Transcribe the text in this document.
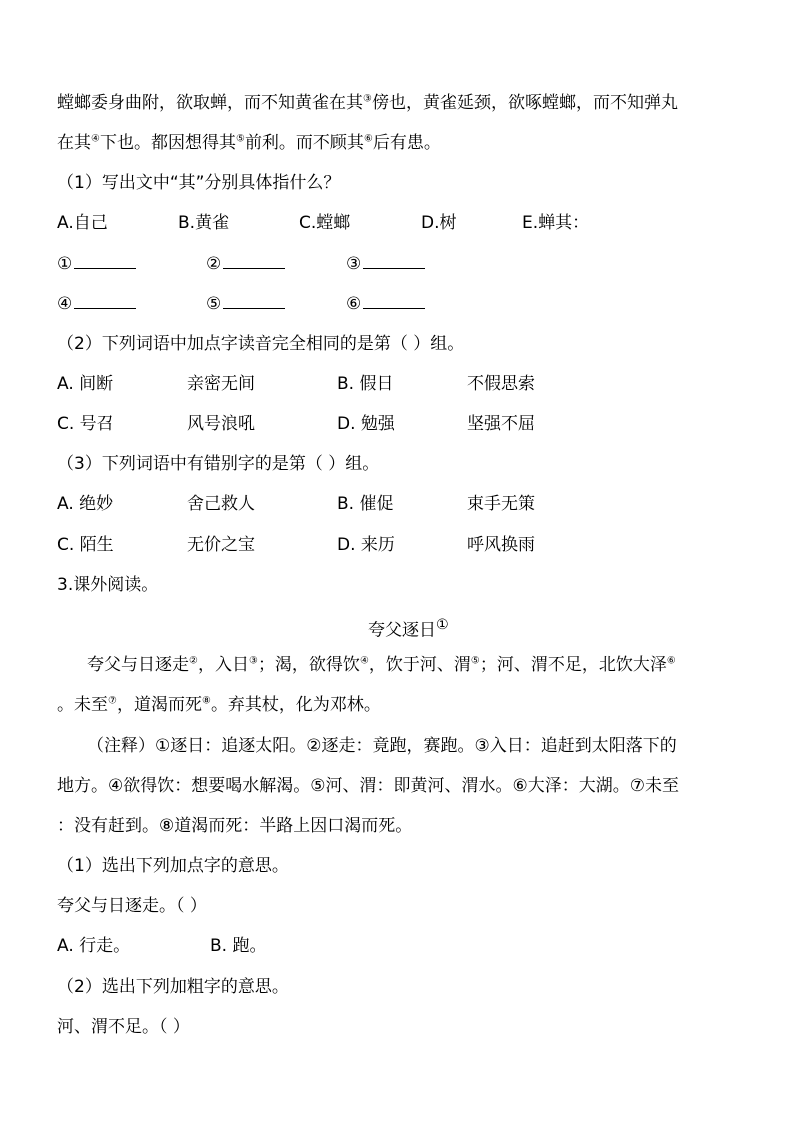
螳螂委身曲附，欲取蝉，而不知黄雀在其③傍也，黄雀延颈，欲啄螳螂，而不知弹丸
在其④下也。都因想得其⑤前利。而不顾其⑥后有患。
（1）写出文中“其”分别具体指什么？
A.自己	B.黄雀	C.螳螂	D.树	E.蝉其：
①	②	③
④	⑤	⑥
（2）下列词语中加点字读音完全相同的是第（ ）组。
A. 间断	亲密无间	B. 假日	不假思索
C. 号召	风号浪吼	D. 勉强	坚强不屈
（3）下列词语中有错别字的是第（ ）组。
A. 绝妙	舍己救人	B. 催促	束手无策
C. 陌生	无价之宝	D. 来历	呼风换雨
3.课外阅读。
夸父逐日①
夸父与日逐走②，入日③；渴，欲得饮④，饮于河、渭⑤；河、渭不足，北饮大泽⑥
。未至⑦，道渴而死⑧。弃其杖，化为邓林。
（注释）①逐日：追逐太阳。②逐走：竟跑，赛跑。③入日：追赶到太阳落下的
地方。④欲得饮：想要喝水解渴。⑤河、渭：即黄河、渭水。⑥大泽：大湖。⑦未至
：没有赶到。⑧道渴而死：半路上因口渴而死。
（1）选出下列加点字的意思。
夸父与日逐走。（ ）
A. 行走。	B. 跑。
（2）选出下列加粗字的意思。
河、渭不足。（ ）
